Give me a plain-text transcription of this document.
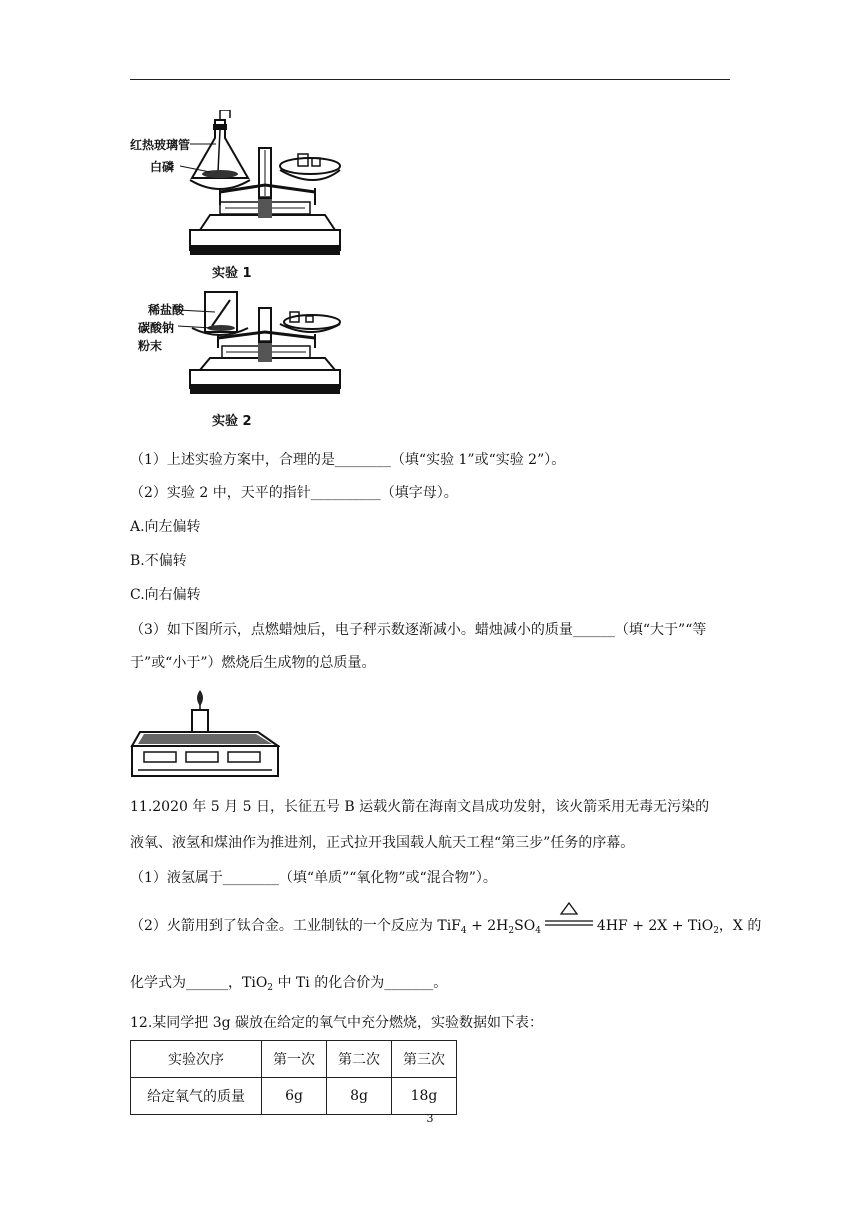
红热玻璃管
白磷
实验 1
稀盐酸
碳酸钠
粉末
实验 2
（1）上述实验方案中，合理的是________（填“实验 1”或“实验 2”）。
（2）实验 2 中，天平的指针__________（填字母）。
A.向左偏转
B.不偏转
C.向右偏转
（3）如下图所示，点燃蜡烛后，电子秤示数逐渐减小。蜡烛减小的质量______（填“大于”“等
于”或“小于”）燃烧后生成物的总质量。
11.2020 年 5 月 5 日，长征五号 B 运载火箭在海南文昌成功发射，该火箭采用无毒无污染的
液氧、液氢和煤油作为推进剂，正式拉开我国载人航天工程“第三步”任务的序幕。
（1）液氢属于________（填“单质”“氧化物”或“混合物”）。
（2）火箭用到了钛合金。工业制钛的一个反应为 $TiF_4 + 2H_2SO_4$	4HF + 2X + TiO$_2$，X 的
化学式为______，TiO$_2$ 中 Ti 的化合价为_______。
12.某同学把 3g 碳放在给定的氧气中充分燃烧，实验数据如下表：
实验次序	第一次	第二次	第三次
给定氧气的质量	6g	8g	18g
3
